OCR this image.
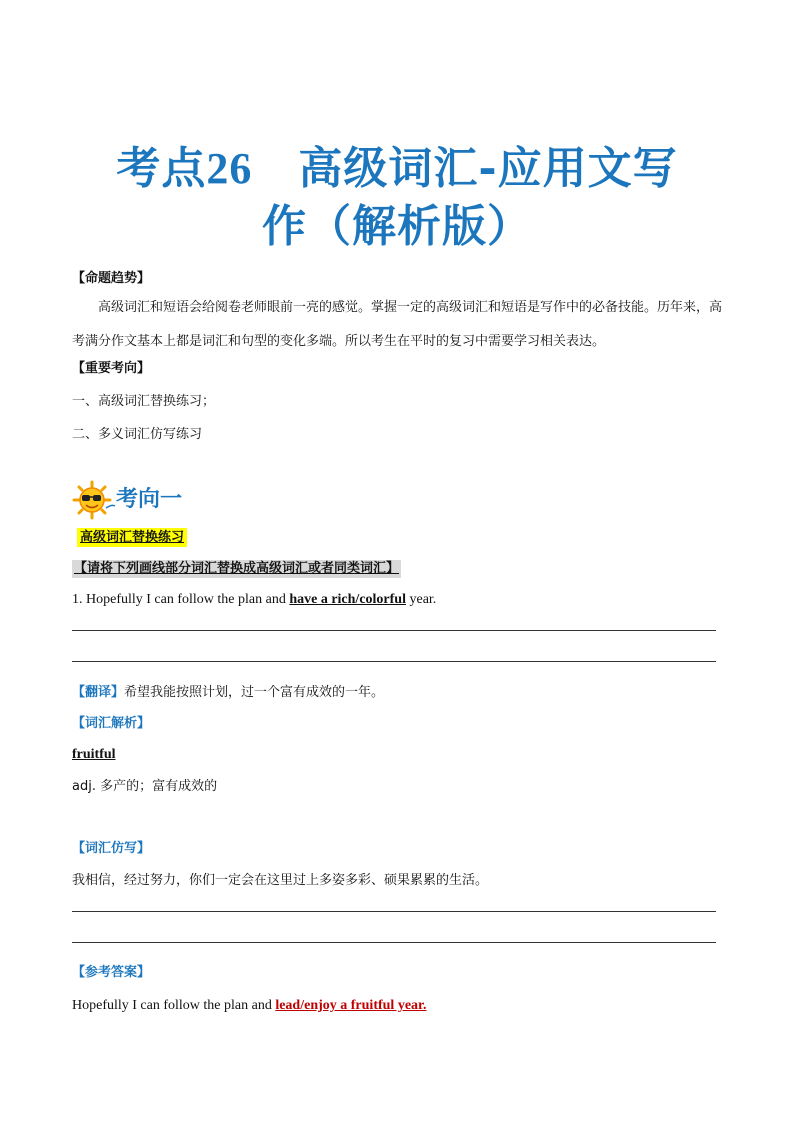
考点26 高级词汇-应用文写
作（解析版）
【命题趋势】
高级词汇和短语会给阅卷老师眼前一亮的感觉。掌握一定的高级词汇和短语是写作中的必备技能。历年来，高考满分作文基本上都是词汇和句型的变化多端。所以考生在平时的复习中需要学习相关表达。
【重要考向】
一、高级词汇替换练习；
二、多义词汇仿写练习
考向一
高级词汇替换练习
【请将下列画线部分词汇替换成高级词汇或者同类词汇】
1. Hopefully I can follow the plan and have a rich/colorful year.
【翻译】希望我能按照计划，过一个富有成效的一年。
【词汇解析】
fruitful
adj. 多产的；富有成效的
【词汇仿写】
我相信，经过努力，你们一定会在这里过上多姿多彩、硕果累累的生活。
【参考答案】
Hopefully I can follow the plan and lead/enjoy a fruitful year.
